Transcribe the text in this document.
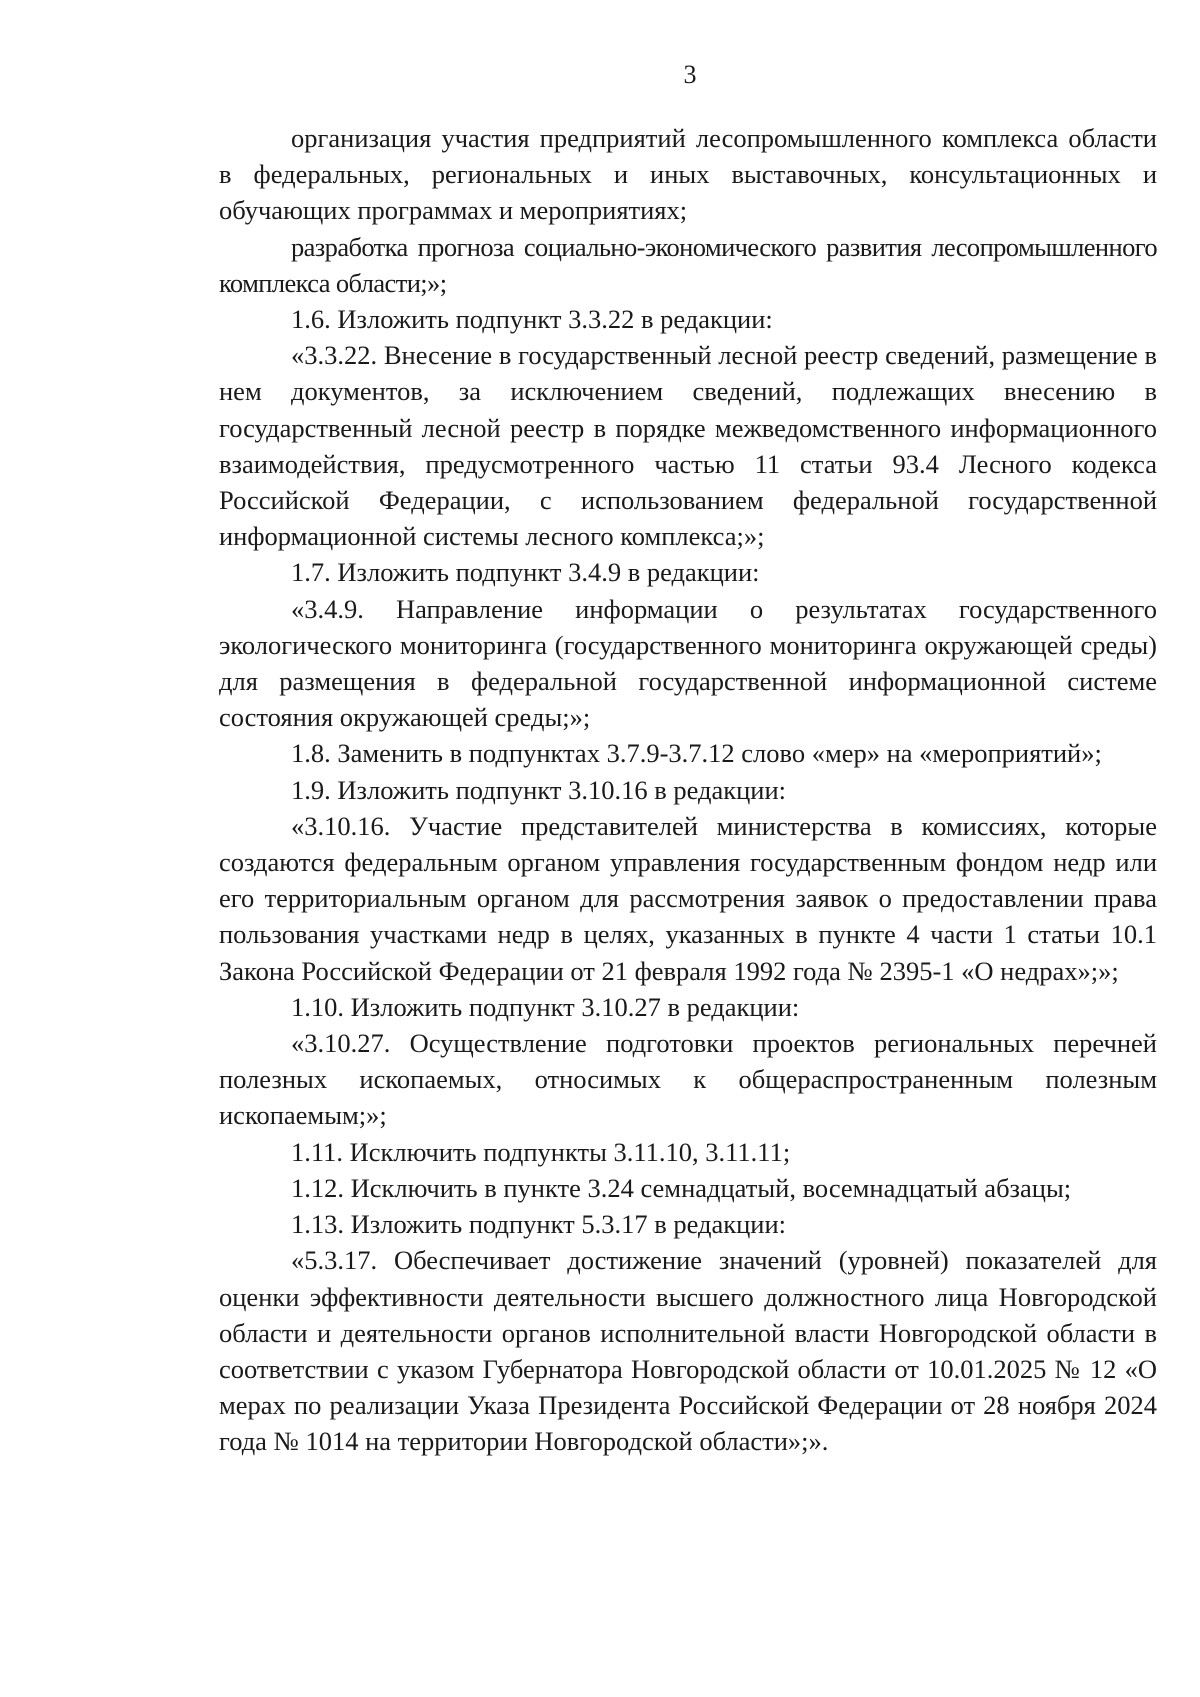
3

организация участия предприятий лесопромышленного комплекса области в федеральных, региональных и иных выставочных, консультационных и обучающих программах и мероприятиях;

разработка прогноза социально-экономического развития лесопромышленного комплекса области;»;

1.6. Изложить подпункт 3.3.22 в редакции:

«3.3.22. Внесение в государственный лесной реестр сведений, размещение в нем документов, за исключением сведений, подлежащих внесению в государственный лесной реестр в порядке межведомственного информационного взаимодействия, предусмотренного частью 11 статьи 93.4 Лесного кодекса Российской Федерации, с использованием федеральной государственной информационной системы лесного комплекса;»;

1.7. Изложить подпункт 3.4.9 в редакции:

«3.4.9. Направление информации о результатах государственного экологического мониторинга (государственного мониторинга окружающей среды) для размещения в федеральной государственной информационной системе состояния окружающей среды;»;

1.8. Заменить в подпунктах 3.7.9-3.7.12 слово «мер» на «мероприятий»;

1.9. Изложить подпункт 3.10.16 в редакции:

«3.10.16. Участие представителей министерства в комиссиях, которые создаются федеральным органом управления государственным фондом недр или его территориальным органом для рассмотрения заявок о предоставлении права пользования участками недр в целях, указанных в пункте 4 части 1 статьи 10.1 Закона Российской Федерации от 21 февраля 1992 года № 2395-1 «О недрах»;»;

1.10. Изложить подпункт 3.10.27 в редакции:

«3.10.27. Осуществление подготовки проектов региональных перечней полезных ископаемых, относимых к общераспространенным полезным ископаемым;»;

1.11. Исключить подпункты 3.11.10, 3.11.11;

1.12. Исключить в пункте 3.24 семнадцатый, восемнадцатый абзацы;

1.13. Изложить подпункт 5.3.17 в редакции:

«5.3.17. Обеспечивает достижение значений (уровней) показателей для оценки эффективности деятельности высшего должностного лица Новгородской области и деятельности органов исполнительной власти Новгородской области в соответствии с указом Губернатора Новгородской области от 10.01.2025 № 12 «О мерах по реализации Указа Президента Российской Федерации от 28 ноября 2024 года № 1014 на территории Новгородской области»;».
